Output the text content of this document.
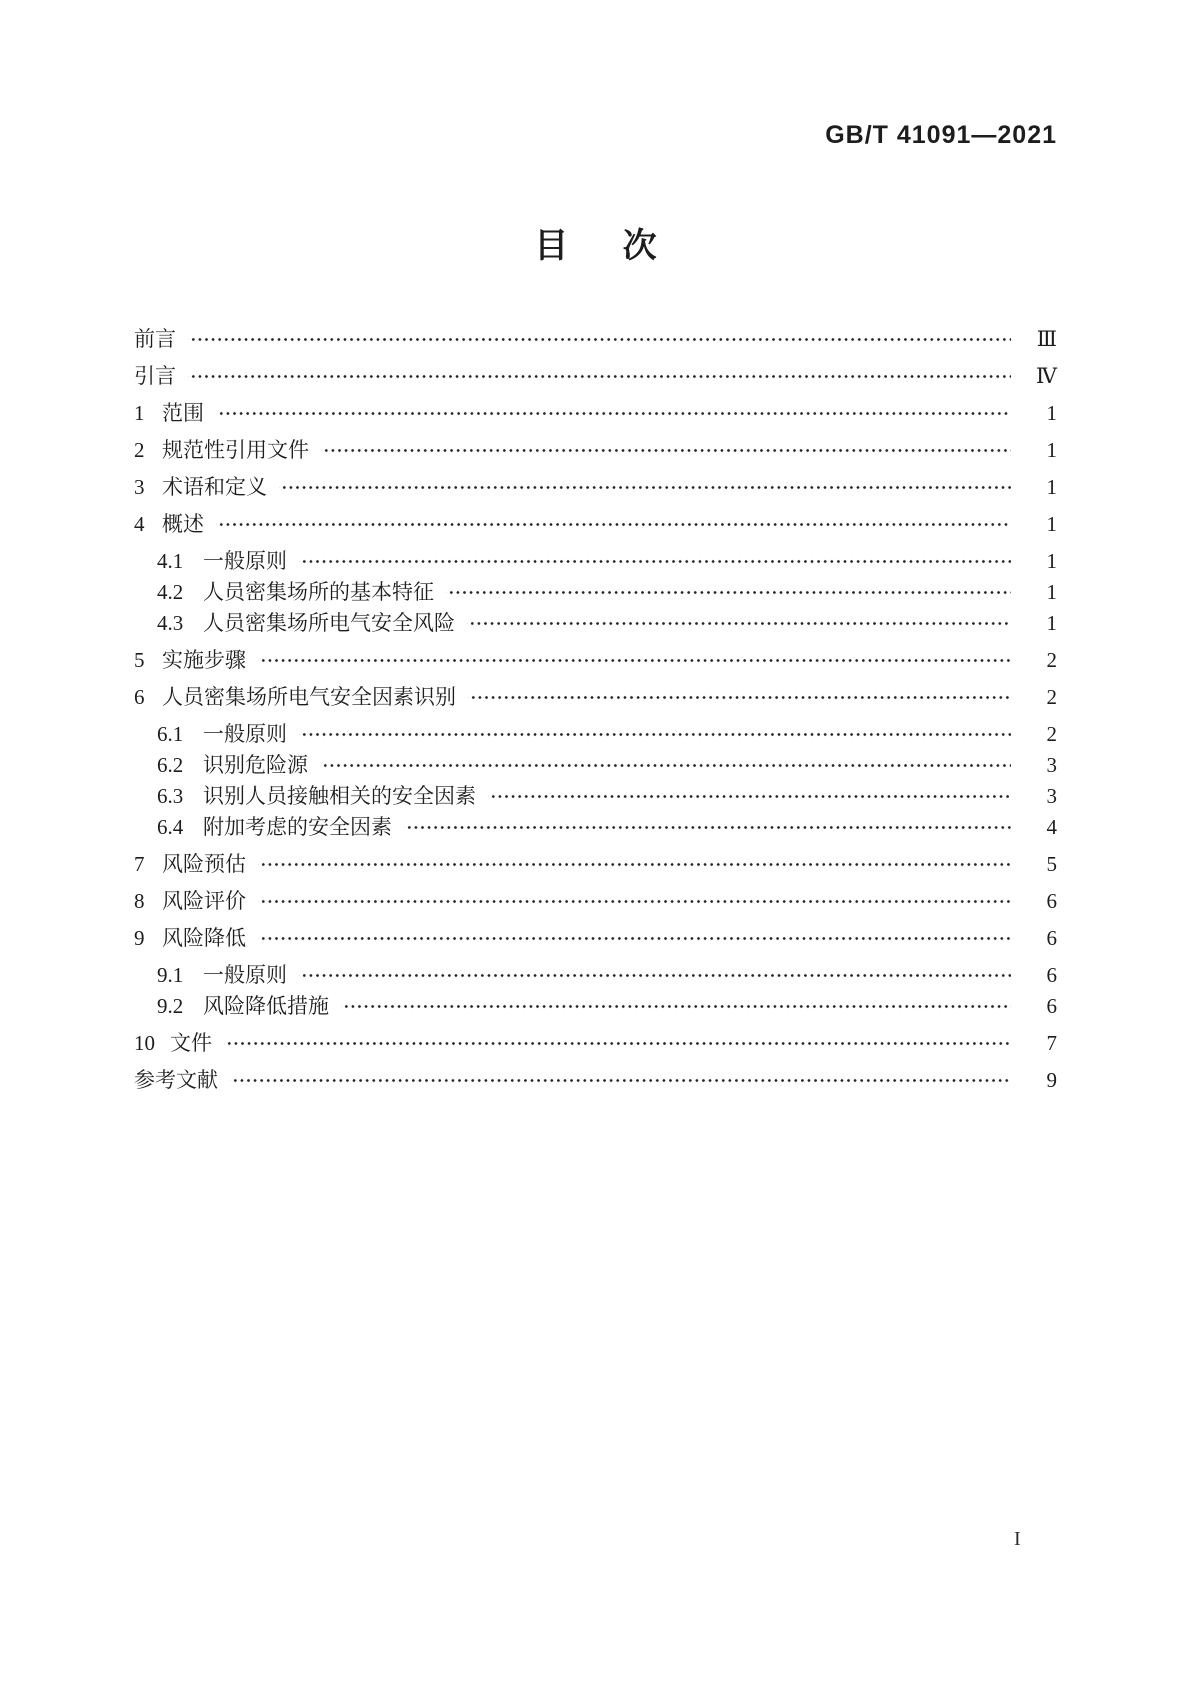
GB/T 41091—2021
目次
前言	Ⅲ
引言	Ⅳ
1 范围	1
2 规范性引用文件	1
3 术语和定义	1
4 概述	1
4.1 一般原则	1
4.2 人员密集场所的基本特征	1
4.3 人员密集场所电气安全风险	1
5 实施步骤	2
6 人员密集场所电气安全因素识别	2
6.1 一般原则	2
6.2 识别危险源	3
6.3 识别人员接触相关的安全因素	3
6.4 附加考虑的安全因素	4
7 风险预估	5
8 风险评价	6
9 风险降低	6
9.1 一般原则	6
9.2 风险降低措施	6
10 文件	7
参考文献	9
I
